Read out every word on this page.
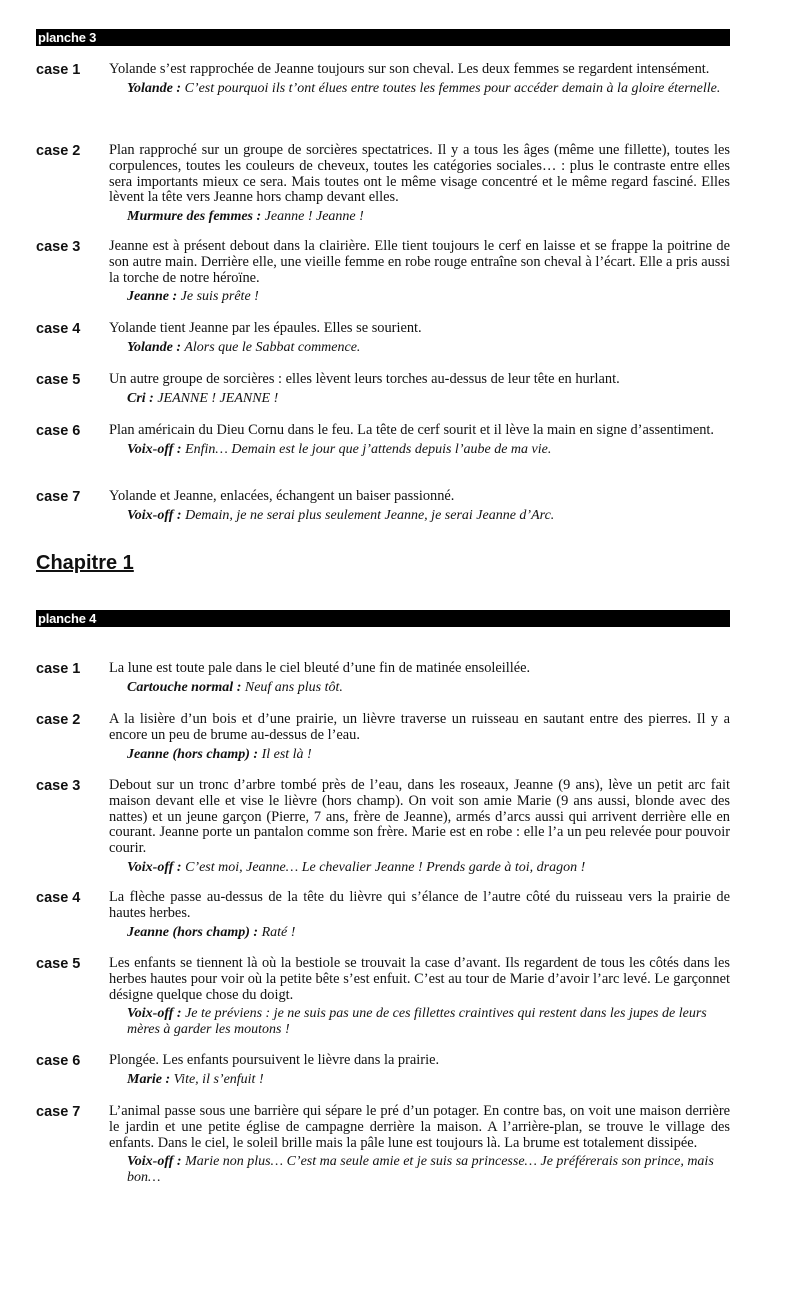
planche 3
case 1	Yolande s’est rapprochée de Jeanne toujours sur son cheval. Les deux femmes se regardent intensément.
Yolande : C’est pourquoi ils t’ont élues entre toutes les femmes pour accéder demain à la gloire éternelle.
case 2	Plan rapproché sur un groupe de sorcières spectatrices. Il y a tous les âges (même une fillette), toutes les corpulences, toutes les couleurs de cheveux, toutes les catégories sociales… : plus le contraste entre elles sera importants mieux ce sera. Mais toutes ont le même visage concentré et le même regard fasciné. Elles lèvent la tête vers Jeanne hors champ devant elles.
Murmure des femmes : Jeanne ! Jeanne !
case 3	Jeanne est à présent debout dans la clairière. Elle tient toujours le cerf en laisse et se frappe la poitrine de son autre main. Derrière elle, une vieille femme en robe rouge entraîne son cheval à l’écart. Elle a pris aussi la torche de notre héroïne.
Jeanne : Je suis prête !
case 4	Yolande tient Jeanne par les épaules. Elles se sourient.
Yolande : Alors que le Sabbat commence.
case 5	Un autre groupe de sorcières : elles lèvent leurs torches au-dessus de leur tête en hurlant.
Cri : JEANNE ! JEANNE !
case 6	Plan américain du Dieu Cornu dans le feu. La tête de cerf sourit et il lève la main en signe d’assentiment.
Voix-off : Enfin… Demain est le jour que j’attends depuis l’aube de ma vie.
case 7	Yolande et Jeanne, enlacées, échangent un baiser passionné.
Voix-off : Demain, je ne serai plus seulement Jeanne, je serai Jeanne d’Arc.
Chapitre 1
planche 4
case 1	La lune est toute pale dans le ciel bleuté d’une fin de matinée ensoleillée.
Cartouche normal : Neuf ans plus tôt.
case 2	A la lisière d’un bois et d’une prairie, un lièvre traverse un ruisseau en sautant entre des pierres. Il y a encore un peu de brume au-dessus de l’eau.
Jeanne (hors champ) : Il est là !
case 3	Debout sur un tronc d’arbre tombé près de l’eau, dans les roseaux, Jeanne (9 ans), lève un petit arc fait maison devant elle et vise le lièvre (hors champ). On voit son amie Marie (9 ans aussi, blonde avec des nattes) et un jeune garçon (Pierre, 7 ans, frère de Jeanne), armés d’arcs aussi qui arrivent derrière elle en courant. Jeanne porte un pantalon comme son frère. Marie est en robe : elle l’a un peu relevée pour pouvoir courir.
Voix-off : C’est moi, Jeanne… Le chevalier Jeanne ! Prends garde à toi, dragon !
case 4	La flèche passe au-dessus de la tête du lièvre qui s’élance de l’autre côté du ruisseau vers la prairie de hautes herbes.
Jeanne (hors champ) : Raté !
case 5	Les enfants se tiennent là où la bestiole se trouvait la case d’avant. Ils regardent de tous les côtés dans les herbes hautes pour voir où la petite bête s’est enfuit. C’est au tour de Marie d’avoir l’arc levé. Le garçonnet désigne quelque chose du doigt.
Voix-off : Je te préviens : je ne suis pas une de ces fillettes craintives qui restent dans les jupes de leurs mères à garder les moutons !
case 6	Plongée. Les enfants poursuivent le lièvre dans la prairie.
Marie : Vite, il s’enfuit !
case 7	L’animal passe sous une barrière qui sépare le pré d’un potager. En contre bas, on voit une maison derrière le jardin et une petite église de campagne derrière la maison. A l’arrière-plan, se trouve le village des enfants. Dans le ciel, le soleil brille mais la pâle lune est toujours là. La brume est totalement dissipée.
Voix-off : Marie non plus… C’est ma seule amie et je suis sa princesse… Je préférerais son prince, mais bon…
